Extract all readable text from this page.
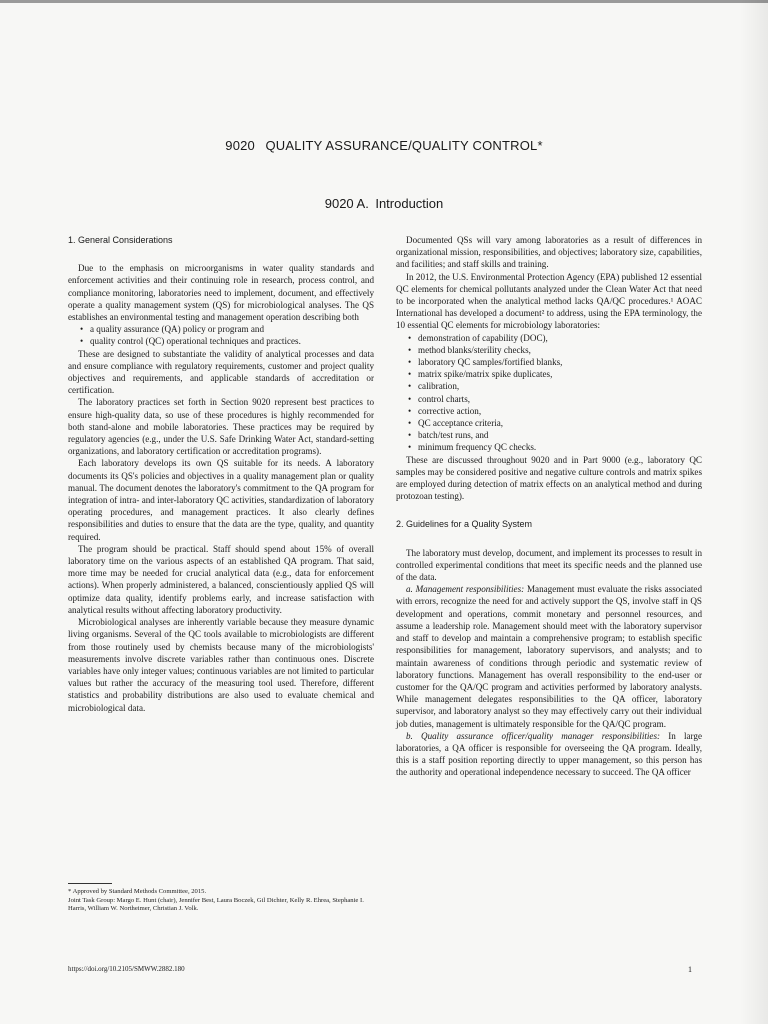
9020  QUALITY ASSURANCE/QUALITY CONTROL*
9020 A. Introduction
1. General Considerations

Due to the emphasis on microorganisms in water quality standards and enforcement activities and their continuing role in research, process control, and compliance monitoring, laboratories need to implement, document, and effectively operate a quality management system (QS) for microbiological analyses. The QS establishes an environmental testing and management operation describing both

• a quality assurance (QA) policy or program and
• quality control (QC) operational techniques and practices.

These are designed to substantiate the validity of analytical processes and data and ensure compliance with regulatory requirements, customer and project quality objectives and requirements, and applicable standards of accreditation or certification.

The laboratory practices set forth in Section 9020 represent best practices to ensure high-quality data, so use of these procedures is highly recommended for both stand-alone and mobile laboratories. These practices may be required by regulatory agencies (e.g., under the U.S. Safe Drinking Water Act, standard-setting organizations, and laboratory certification or accreditation programs).

Each laboratory develops its own QS suitable for its needs. A laboratory documents its QS's policies and objectives in a quality management plan or quality manual. The document denotes the laboratory's commitment to the QA program for integration of intra- and inter-laboratory QC activities, standardization of laboratory operating procedures, and management practices. It also clearly defines responsibilities and duties to ensure that the data are the type, quality, and quantity required.

The program should be practical. Staff should spend about 15% of overall laboratory time on the various aspects of an established QA program. That said, more time may be needed for crucial analytical data (e.g., data for enforcement actions). When properly administered, a balanced, conscientiously applied QS will optimize data quality, identify problems early, and increase satisfaction with analytical results without affecting laboratory productivity.

Microbiological analyses are inherently variable because they measure dynamic living organisms. Several of the QC tools available to microbiologists are different from those routinely used by chemists because many of the microbiologists' measurements involve discrete variables rather than continuous ones. Discrete variables have only integer values; continuous variables are not limited to particular values but rather the accuracy of the measuring tool used. Therefore, different statistics and probability distributions are also used to evaluate chemical and microbiological data.

Documented QSs will vary among laboratories as a result of differences in organizational mission, responsibilities, and objectives; laboratory size, capabilities, and facilities; and staff skills and training.

In 2012, the U.S. Environmental Protection Agency (EPA) published 12 essential QC elements for chemical pollutants analyzed under the Clean Water Act that need to be incorporated when the analytical method lacks QA/QC procedures.¹ AOAC International has developed a document² to address, using the EPA terminology, the 10 essential QC elements for microbiology laboratories:

• demonstration of capability (DOC),
• method blanks/sterility checks,
• laboratory QC samples/fortified blanks,
• matrix spike/matrix spike duplicates,
• calibration,
• control charts,
• corrective action,
• QC acceptance criteria,
• batch/test runs, and
• minimum frequency QC checks.

These are discussed throughout 9020 and in Part 9000 (e.g., laboratory QC samples may be considered positive and negative culture controls and matrix spikes are employed during detection of matrix effects on an analytical method and during protozoan testing).

2. Guidelines for a Quality System

The laboratory must develop, document, and implement its processes to result in controlled experimental conditions that meet its specific needs and the planned use of the data.

a. Management responsibilities: Management must evaluate the risks associated with errors, recognize the need for and actively support the QS, involve staff in QS development and operations, commit monetary and personnel resources, and assume a leadership role. Management should meet with the laboratory supervisor and staff to develop and maintain a comprehensive program; to establish specific responsibilities for management, laboratory supervisors, and analysts; and to maintain awareness of conditions through periodic and systematic review of laboratory functions. Management has overall responsibility to the end-user or customer for the QA/QC program and activities performed by laboratory analysts. While management delegates responsibilities to the QA officer, laboratory supervisor, and laboratory analyst so they may effectively carry out their individual job duties, management is ultimately responsible for the QA/QC program.

b. Quality assurance officer/quality manager responsibilities: In large laboratories, a QA officer is responsible for overseeing the QA program. Ideally, this is a staff position reporting directly to upper management, so this person has the authority and operational independence necessary to succeed. The QA officer

* Approved by Standard Methods Committee, 2015.
Joint Task Group: Margo E. Hunt (chair), Jennifer Best, Laura Boczek, Gil Dichter, Kelly R. Ehrea, Stephanie I. Harris, William W. Northeimer, Christian J. Volk.
https://doi.org/10.2105/SMWW.2882.180	1
